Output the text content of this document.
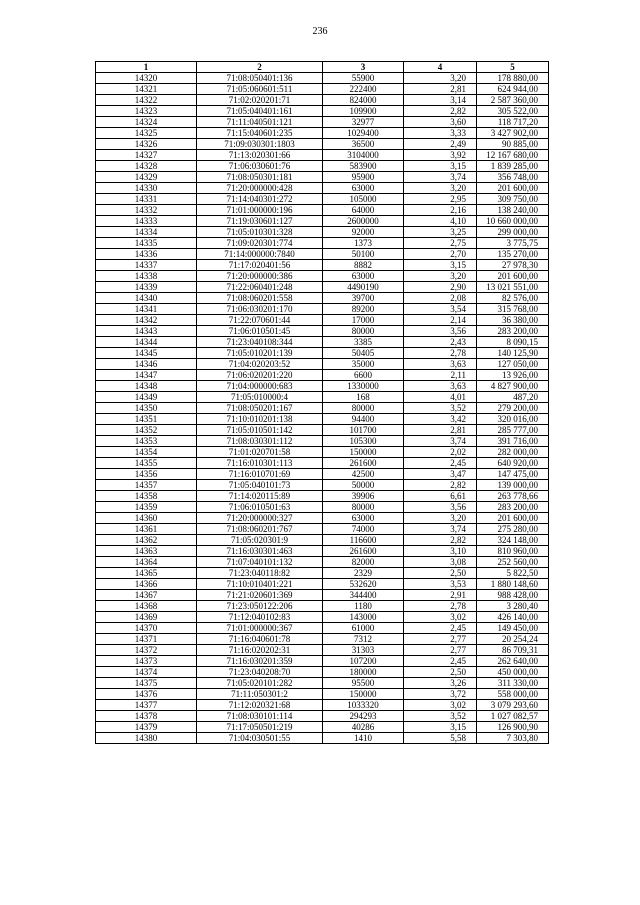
236
1	2	3	4	5
14320	71:08:050401:136	55900	3,20	178 880,00
14321	71:05:060601:511	222400	2,81	624 944,00
14322	71:02:020201:71	824000	3,14	2 587 360,00
14323	71:05:040401:161	109900	2,82	305 522,00
14324	71:11:040501:121	32977	3,60	118 717,20
14325	71:15:040601:235	1029400	3,33	3 427 902,00
14326	71:09:030301:1803	36500	2,49	90 885,00
14327	71:13:020301:66	3104000	3,92	12 167 680,00
14328	71:06:030601:76	583900	3,15	1 839 285,00
14329	71:08:050301:181	95900	3,74	356 748,00
14330	71:20:000000:428	63000	3,20	201 600,00
14331	71:14:040301:272	105000	2,95	309 750,00
14332	71:01:000000:196	64000	2,16	138 240,00
14333	71:19:030601:127	2600000	4,10	10 660 000,00
14334	71:05:010301:328	92000	3,25	299 000,00
14335	71:09:020301:774	1373	2,75	3 775,75
14336	71:14:000000:7840	50100	2,70	135 270,00
14337	71:17:020401:56	8882	3,15	27 978,30
14338	71:20:000000:386	63000	3,20	201 600,00
14339	71:22:060401:248	4490190	2,90	13 021 551,00
14340	71:08:060201:558	39700	2,08	82 576,00
14341	71:06:030201:170	89200	3,54	315 768,00
14342	71:22:070601:44	17000	2,14	36 380,00
14343	71:06:010501:45	80000	3,56	283 200,00
14344	71:23:040108:344	3385	2,43	8 090,15
14345	71:05:010201:139	50405	2,78	140 125,90
14346	71:04:020203:52	35000	3,63	127 050,00
14347	71:06:020201:220	6600	2,11	13 926,00
14348	71:04:000000:683	1330000	3,63	4 827 900,00
14349	71:05:010000:4	168	4,01	487,20
14350	71:08:050201:167	80000	3,52	279 200,00
14351	71:10:010201:138	94400	3,42	320 016,00
14352	71:05:010501:142	101700	2,81	285 777,00
14353	71:08:030301:112	105300	3,74	391 716,00
14354	71:01:020701:58	150000	2,02	282 000,00
14355	71:16:010301:113	261600	2,45	640 920,00
14356	71:16:010701:69	42500	3,47	147 475,00
14357	71:05:040101:73	50000	2,82	139 000,00
14358	71:14:020115:89	39906	6,61	263 778,66
14359	71:06:010501:63	80000	3,56	283 200,00
14360	71:20:000000:327	63000	3,20	201 600,00
14361	71:08:060201:767	74000	3,74	275 280,00
14362	71:05:020301:9	116600	2,82	324 148,00
14363	71:16:030301:463	261600	3,10	810 960,00
14364	71:07:040101:132	82000	3,08	252 560,00
14365	71:23:040118:82	2329	2,50	5 822,50
14366	71:10:010401:221	532620	3,53	1 880 148,60
14367	71:21:020601:369	344400	2,91	988 428,00
14368	71:23:050122:206	1180	2,78	3 280,40
14369	71:12:040102:83	143000	3,02	426 140,00
14370	71:01:000000:367	61000	2,45	149 450,00
14371	71:16:040601:78	7312	2,77	20 254,24
14372	71:16:020202:31	31303	2,77	86 709,31
14373	71:16:030201:359	107200	2,45	262 640,00
14374	71:23:040208:70	180000	2,50	450 000,00
14375	71:05:020101:282	95500	3,26	311 330,00
14376	71:11:050301:2	150000	3,72	558 000,00
14377	71:12:020321:68	1033320	3,02	3 079 293,60
14378	71:08:030101:114	294293	3,52	1 027 082,57
14379	71:17:050501:219	40286	3,15	126 900,90
14380	71:04:030501:55	1410	5,58	7 303,80
